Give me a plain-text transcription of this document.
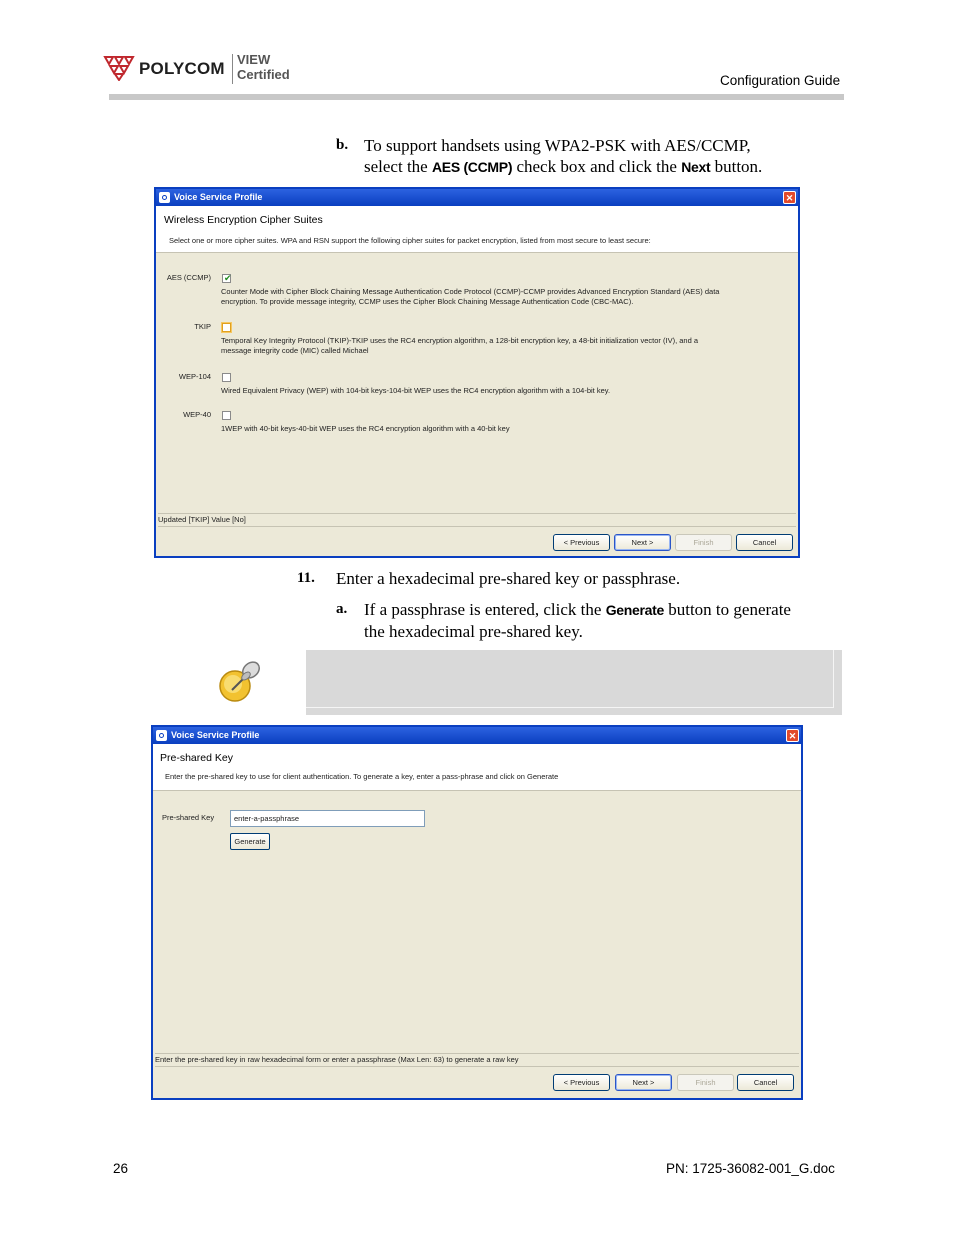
POLYCOM VIEW
Certified	Configuration Guide
b. To support handsets using WPA2-PSK with AES/CCMP,
select the AES (CCMP) check box and click the Next button.
Voice Service Profile	✕
Wireless Encryption Cipher Suites
Select one or more cipher suites. WPA and RSN support the following cipher suites for packet encryption, listed from most secure to least secure:
AES (CCMP) ✔
Counter Mode with Cipher Block Chaining Message Authentication Code Protocol (CCMP)-CCMP provides Advanced Encryption Standard (AES) data
encryption. To provide message integrity, CCMP uses the Cipher Block Chaining Message Authentication Code (CBC-MAC).
TKIP
Temporal Key Integrity Protocol (TKIP)-TKIP uses the RC4 encryption algorithm, a 128-bit encryption key, a 48-bit initialization vector (IV), and a
message integrity code (MIC) called Michael
WEP-104
Wired Equivalent Privacy (WEP) with 104-bit keys-104-bit WEP uses the RC4 encryption algorithm with a 104-bit key.
WEP-40
1WEP with 40-bit keys-40-bit WEP uses the RC4 encryption algorithm with a 40-bit key
Updated [TKIP] Value [No]
< Previous	Next >	Finish	Cancel
11. Enter a hexadecimal pre-shared key or passphrase.
a. If a passphrase is entered, click the Generate button to generate
the hexadecimal pre-shared key.
Voice Service Profile	✕
Pre-shared Key
Enter the pre-shared key to use for client authentication. To generate a key, enter a pass-phrase and click on Generate
Pre-shared Key	enter-a-passphrase
Generate
Enter the pre-shared key in raw hexadecimal form or enter a passphrase (Max Len: 63) to generate a raw key
< Previous	Next >	Finish	Cancel
26	PN: 1725-36082-001_G.doc
